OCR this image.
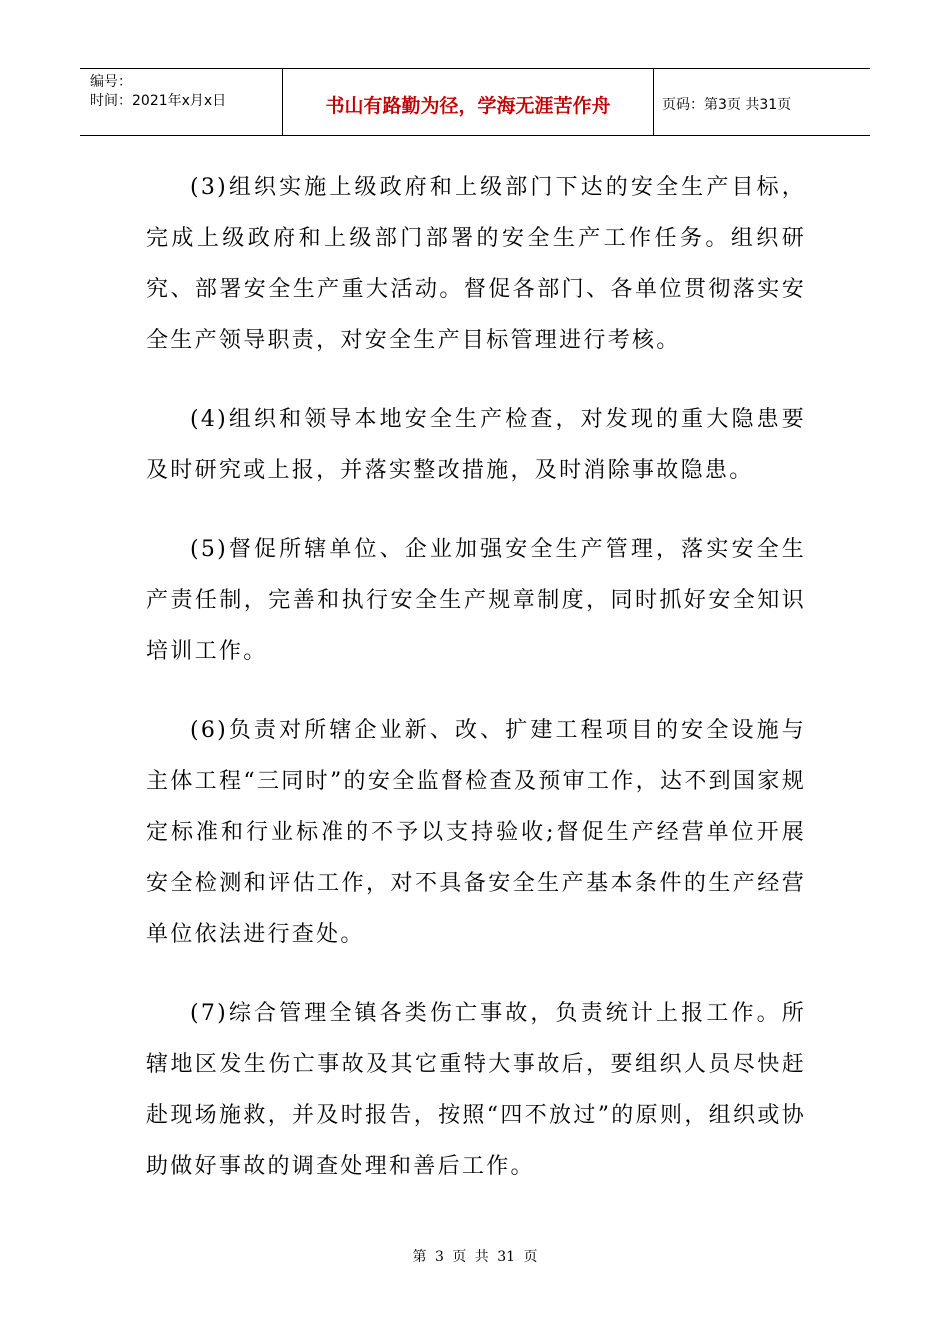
编号：
时间：2021年x月x日	书山有路勤为径，学海无涯苦作舟	页码：第3页 共31页

(3)组织实施上级政府和上级部门下达的安全生产目标，完成上级政府和上级部门部署的安全生产工作任务。组织研究、部署安全生产重大活动。督促各部门、各单位贯彻落实安全生产领导职责，对安全生产目标管理进行考核。

(4)组织和领导本地安全生产检查，对发现的重大隐患要及时研究或上报，并落实整改措施，及时消除事故隐患。

(5)督促所辖单位、企业加强安全生产管理，落实安全生产责任制，完善和执行安全生产规章制度，同时抓好安全知识培训工作。

(6)负责对所辖企业新、改、扩建工程项目的安全设施与主体工程“三同时”的安全监督检查及预审工作，达不到国家规定标准和行业标准的不予以支持验收;督促生产经营单位开展安全检测和评估工作，对不具备安全生产基本条件的生产经营单位依法进行查处。

(7)综合管理全镇各类伤亡事故，负责统计上报工作。所辖地区发生伤亡事故及其它重特大事故后，要组织人员尽快赶赴现场施救，并及时报告，按照“四不放过”的原则，组织或协助做好事故的调查处理和善后工作。

第 3 页 共 31 页
